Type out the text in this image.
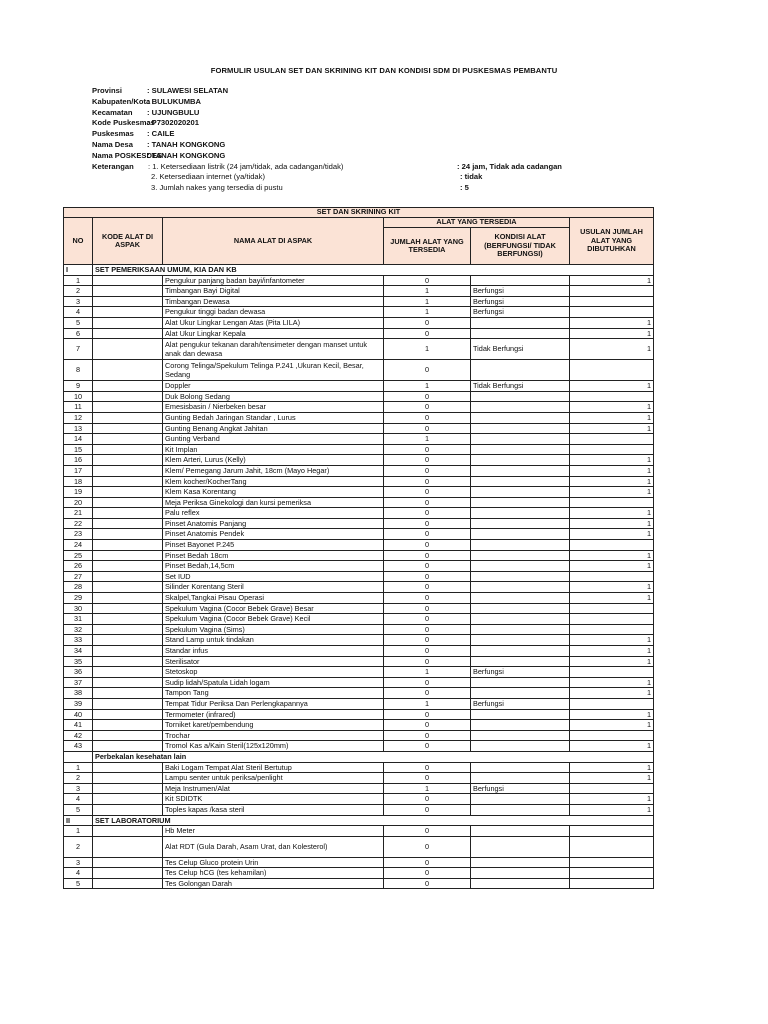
FORMULIR USULAN SET DAN SKRINING KIT DAN KONDISI SDM DI PUSKESMAS PEMBANTU
Provinsi	: SULAWESI SELATAN
Kabupaten/Kota
: BULUKUMBA
Kecamatan	: UJUNGBULU
Kode Puskesmas
: P7302020201
Puskesmas	: CAILE
Nama Desa	: TANAH KONGKONG
Nama POSKESDES
: TANAH KONGKONG
Keterangan	: 1. Ketersediaan listrik (24 jam/tidak, ada cadangan/tidak)	: 24 jam, Tidak ada cadangan
2. Ketersediaan internet (ya/tidak)	: tidak
3. Jumlah nakes yang tersedia di pustu	: 5
SET DAN SKRINING KIT					
NO	KODE ALAT DI ASPAK	NAMA ALAT DI ASPAK	ALAT YANG TERSEDIA		USULAN JUMLAH ALAT YANG DIBUTUHKAN
			JUMLAH ALAT YANG TERSEDIA	KONDISI ALAT (BERFUNGSI/ TIDAK BERFUNGSI)	
I	SET PEMERIKSAAN UMUM, KIA DAN KB				
1		Pengukur panjang badan bayi/infantometer	0		1
2		Timbangan Bayi Digital	1	Berfungsi	
3		Timbangan Dewasa	1	Berfungsi	
4		Pengukur tinggi badan dewasa	1	Berfungsi	
5		Alat Ukur Lingkar Lengan Atas (Pita LILA)	0		1
6		Alat Ukur Lingkar Kepala	0		1
7		Alat pengukur tekanan darah/tensimeter dengan manset untuk anak dan dewasa	1	Tidak Berfungsi	1
8		Corong Telinga/Spekulum Telinga P.241 ,Ukuran Kecil, Besar, Sedang	0		
9		Doppler	1	Tidak Berfungsi	1
10		Duk Bolong Sedang	0		
11		Emesisbasin / Nierbeken besar	0		1
12		Gunting Bedah Jaringan Standar , Lurus	0		1
13		Gunting Benang Angkat Jahitan	0		1
14		Gunting Verband	1		
15		Kit Implan	0		
16		Klem Arteri, Lurus (Kelly)	0		1
17		Klem/ Pemegang Jarum Jahit, 18cm (Mayo Hegar)	0		1
18		Klem kocher/KocherTang	0		1
19		Klem Kasa Korentang	0		1
20		Meja Periksa Ginekologi dan kursi pemeriksa	0		
21		Palu reflex	0		1
22		Pinset Anatomis Panjang	0		1
23		Pinset Anatomis Pendek	0		1
24		Pinset Bayonet P.245	0		
25		Pinset Bedah 18cm	0		1
26		Pinset Bedah,14,5cm	0		1
27		Set IUD	0		
28		Silinder Korentang Steril	0		1
29		Skalpel,Tangkai Pisau Operasi	0		1
30		Spekulum Vagina (Cocor Bebek Grave) Besar	0		
31		Spekulum Vagina (Cocor Bebek Grave) Kecil	0		
32		Spekulum Vagina (Sims)	0		
33		Stand Lamp untuk tindakan	0		1
34		Standar infus	0		1
35		Sterilisator	0		1
36		Stetoskop	1	Berfungsi	
37		Sudip lidah/Spatula Lidah logam	0		1
38		Tampon Tang	0		1
39		Tempat Tidur Periksa Dan Perlengkapannya	1	Berfungsi	
40		Termometer (infrared)	0		1
41		Torniket karet/pembendung	0		1
42		Trochar	0		
43		Tromol Kas a/Kain Steril(125x120mm)	0		1
	Perbekalan kesehatan lain				
1		Baki Logam Tempat Alat Steril Bertutup	0		1
2		Lampu senter untuk periksa/penlight	0		1
3		Meja Instrumen/Alat	1	Berfungsi	
4		Kit SDIDTK	0		1
5		Toples kapas /kasa steril	0		1
II	SET LABORATORIUM				
1		Hb Meter	0		
2		Alat RDT (Gula Darah, Asam Urat, dan Kolesterol)	0		
3		Tes Celup Gluco protein Urin	0		
4		Tes Celup hCG (tes kehamilan)	0		
5		Tes Golongan Darah	0		
